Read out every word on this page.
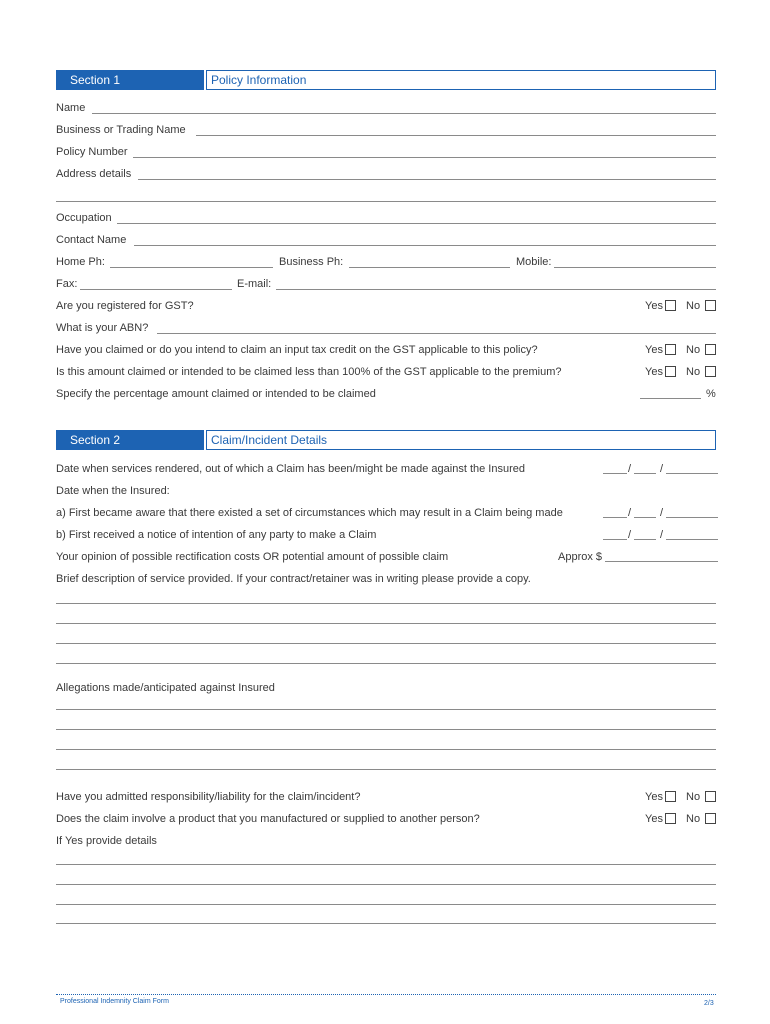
Section 1	Policy Information
Name
Business or Trading Name
Policy Number
Address details
Occupation
Contact Name
Home Ph:	Business Ph:	Mobile:
Fax:	E-mail:
Are you registered for GST?	Yes No
What is your ABN?
Have you claimed or do you intend to claim an input tax credit on the GST applicable to this policy?	Yes No
Is this amount claimed or intended to be claimed less than 100% of the GST applicable to the premium?	Yes No
Specify the percentage amount claimed or intended to be claimed	%
Section 2	Claim/Incident Details
Date when services rendered, out of which a Claim has been/might be made against the Insured	/	/
Date when the Insured:
a) First became aware that there existed a set of circumstances which may result in a Claim being made	/	/
b) First received a notice of intention of any party to make a Claim	/	/
Your opinion of possible rectification costs OR potential amount of possible claim	Approx $
Brief description of service provided. If your contract/retainer was in writing please provide a copy.
Allegations made/anticipated against Insured
Have you admitted responsibility/liability for the claim/incident?	Yes No
Does the claim involve a product that you manufactured or supplied to another person?	Yes No
If Yes provide details
Professional Indemnity Claim Form	2/3
